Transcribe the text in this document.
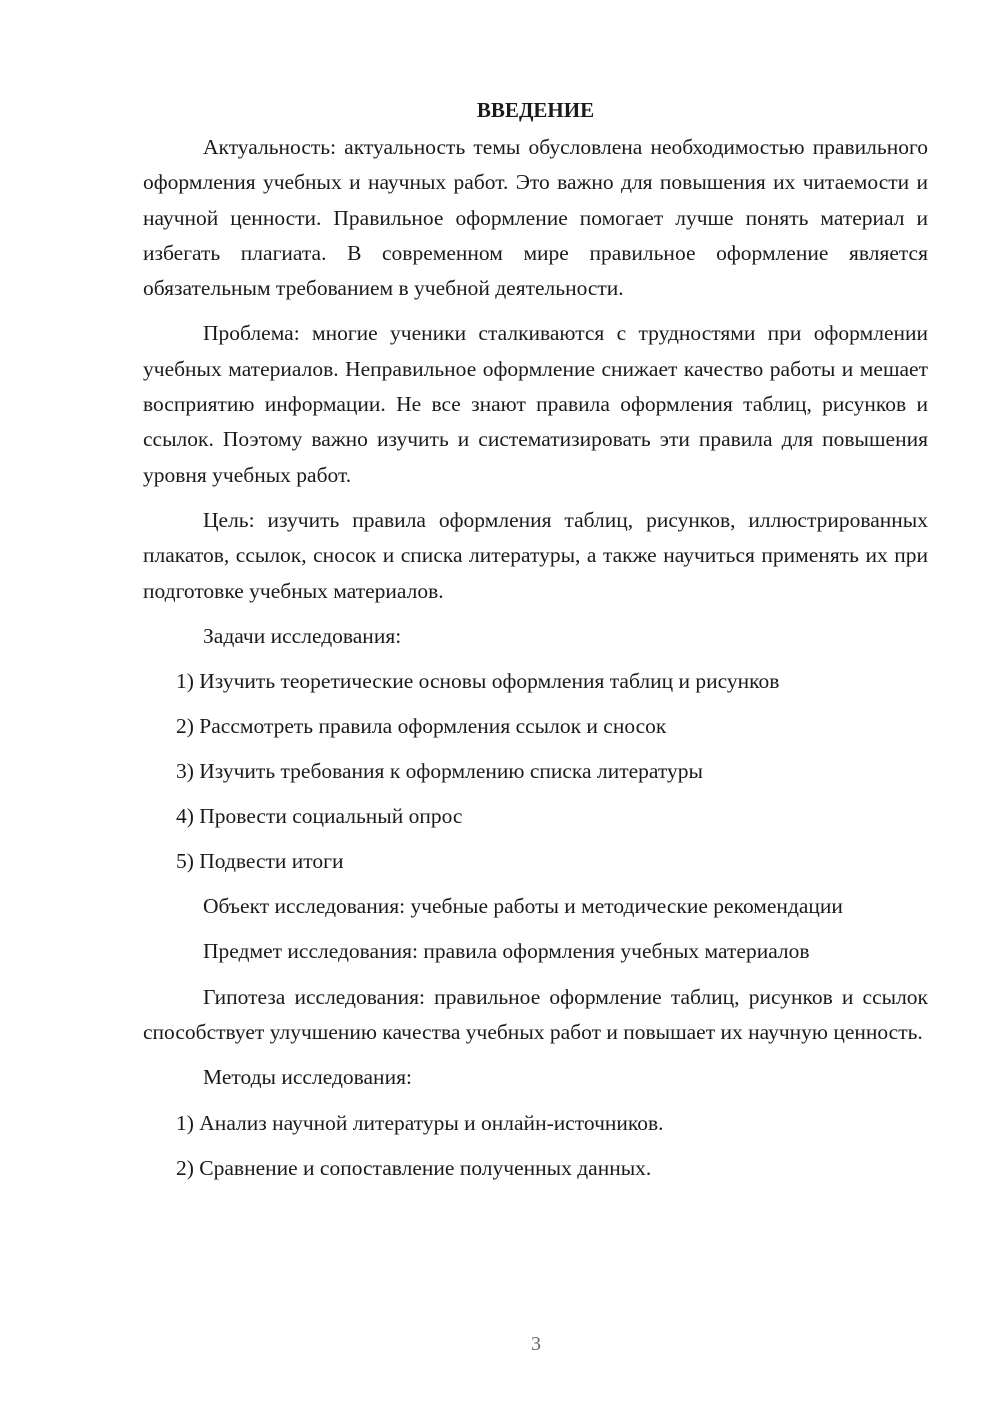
ВВЕДЕНИЕ

Актуальность: актуальность темы обусловлена необходимостью правильного оформления учебных и научных работ. Это важно для повышения их читаемости и научной ценности. Правильное оформление помогает лучше понять материал и избегать плагиата. В современном мире правильное оформление является обязательным требованием в учебной деятельности.

Проблема: многие ученики сталкиваются с трудностями при оформлении учебных материалов. Неправильное оформление снижает качество работы и мешает восприятию информации. Не все знают правила оформления таблиц, рисунков и ссылок. Поэтому важно изучить и систематизировать эти правила для повышения уровня учебных работ.

Цель: изучить правила оформления таблиц, рисунков, иллюстрированных плакатов, ссылок, сносок и списка литературы, а также научиться применять их при подготовке учебных материалов.

Задачи исследования:

1) Изучить теоретические основы оформления таблиц и рисунков
2) Рассмотреть правила оформления ссылок и сносок
3) Изучить требования к оформлению списка литературы
4) Провести социальный опрос
5) Подвести итоги

Объект исследования: учебные работы и методические рекомендации

Предмет исследования: правила оформления учебных материалов

Гипотеза исследования: правильное оформление таблиц, рисунков и ссылок способствует улучшению качества учебных работ и повышает их научную ценность.

Методы исследования:

1) Анализ научной литературы и онлайн-источников.
2) Сравнение и сопоставление полученных данных.
3
